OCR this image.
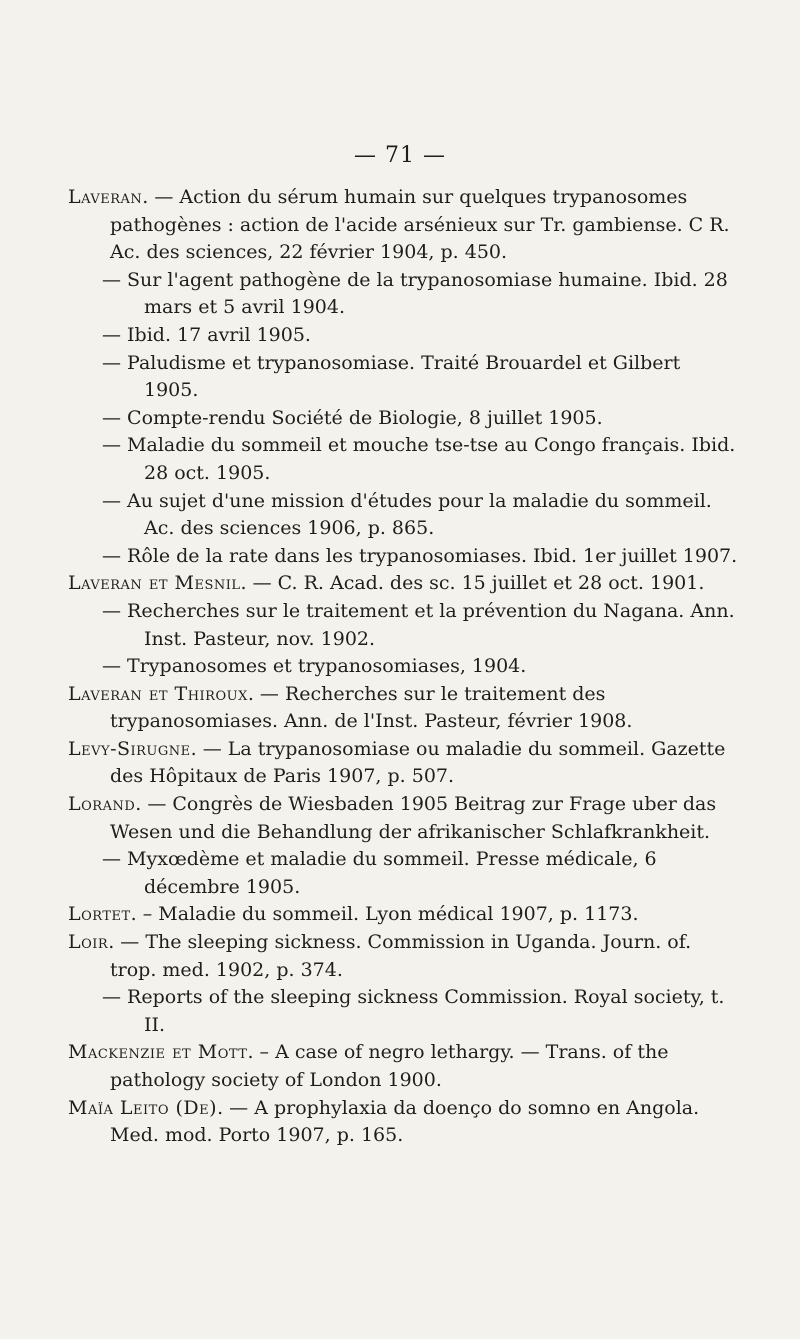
— 71 —

Laveran. — Action du sérum humain sur quelques trypanosomes pathogènes : action de l'acide arsénieux sur Tr. gambiense. C R. Ac. des sciences, 22 février 1904, p. 450.

— Sur l'agent pathogène de la trypanosomiase humaine. Ibid. 28 mars et 5 avril 1904.

— Ibid. 17 avril 1905.

— Paludisme et trypanosomiase. Traité Brouardel et Gilbert 1905.

— Compte-rendu Société de Biologie, 8 juillet 1905.

— Maladie du sommeil et mouche tse-tse au Congo français. Ibid. 28 oct. 1905.

— Au sujet d'une mission d'études pour la maladie du sommeil. Ac. des sciences 1906, p. 865.

— Rôle de la rate dans les trypanosomiases. Ibid. 1er juillet 1907.

Laveran et Mesnil. — C. R. Acad. des sc. 15 juillet et 28 oct. 1901.

— Recherches sur le traitement et la prévention du Nagana. Ann. Inst. Pasteur, nov. 1902.

— Trypanosomes et trypanosomiases, 1904.

Laveran et Thiroux. — Recherches sur le traitement des trypanosomiases. Ann. de l'Inst. Pasteur, février 1908.

Levy-Sirugne. — La trypanosomiase ou maladie du sommeil. Gazette des Hôpitaux de Paris 1907, p. 507.

Lorand. — Congrès de Wiesbaden 1905 Beitrag zur Frage uber das Wesen und die Behandlung der afrikanischer Schlafkrankheit.

— Myxœdème et maladie du sommeil. Presse médicale, 6 décembre 1905.

Lortet. – Maladie du sommeil. Lyon médical 1907, p. 1173.

Loir. — The sleeping sickness. Commission in Uganda. Journ. of. trop. med. 1902, p. 374.

— Reports of the sleeping sickness Commission. Royal society, t. II.

Mackenzie et Mott. – A case of negro lethargy. — Trans. of the pathology society of London 1900.

Maïa Leito (De). — A prophylaxia da doenço do somno en Angola. Med. mod. Porto 1907, p. 165.
